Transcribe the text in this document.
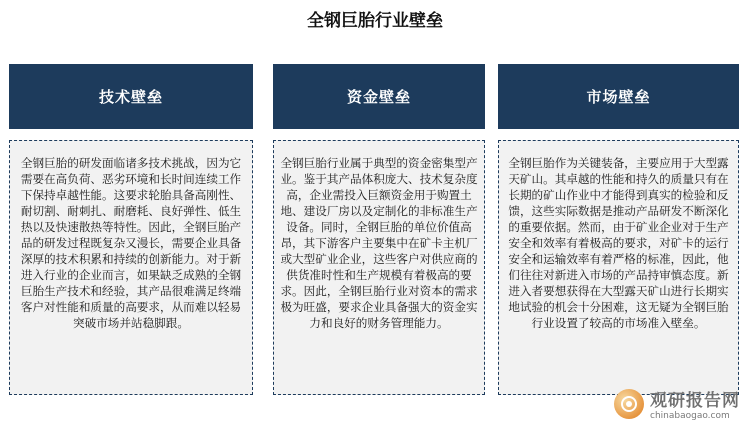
全钢巨胎行业壁垒
技术壁垒	资金壁垒	市场壁垒
全钢巨胎的研发面临诸多技术挑战，因为它需要在高负荷、恶劣环境和长时间连续工作下保持卓越性能。这要求轮胎具备高刚性、耐切割、耐刺扎、耐磨耗、良好弹性、低生热以及快速散热等特性。因此，全钢巨胎产品的研发过程既复杂又漫长，需要企业具备深厚的技术积累和持续的创新能力。对于新进入行业的企业而言，如果缺乏成熟的全钢巨胎生产技术和经验，其产品很难满足终端客户对性能和质量的高要求，从而难以轻易突破市场并站稳脚跟。
全钢巨胎行业属于典型的资金密集型产业。鉴于其产品体积庞大、技术复杂度高，企业需投入巨额资金用于购置土地、建设厂房以及定制化的非标准生产设备。同时，全钢巨胎的单位价值高昂，其下游客户主要集中在矿卡主机厂或大型矿业企业，这些客户对供应商的供货准时性和生产规模有着极高的要求。因此，全钢巨胎行业对资本的需求极为旺盛，要求企业具备强大的资金实力和良好的财务管理能力。
全钢巨胎作为关键装备，主要应用于大型露天矿山。其卓越的性能和持久的质量只有在长期的矿山作业中才能得到真实的检验和反馈，这些实际数据是推动产品研发不断深化的重要依据。然而，由于矿业企业对于生产安全和效率有着极高的要求，对矿卡的运行安全和运输效率有着严格的标准，因此，他们往往对新进入市场的产品持审慎态度。新进入者要想获得在大型露天矿山进行长期实地试验的机会十分困难，这无疑为全钢巨胎行业设置了较高的市场准入壁垒。
观研报告网
chinabaogao.com
